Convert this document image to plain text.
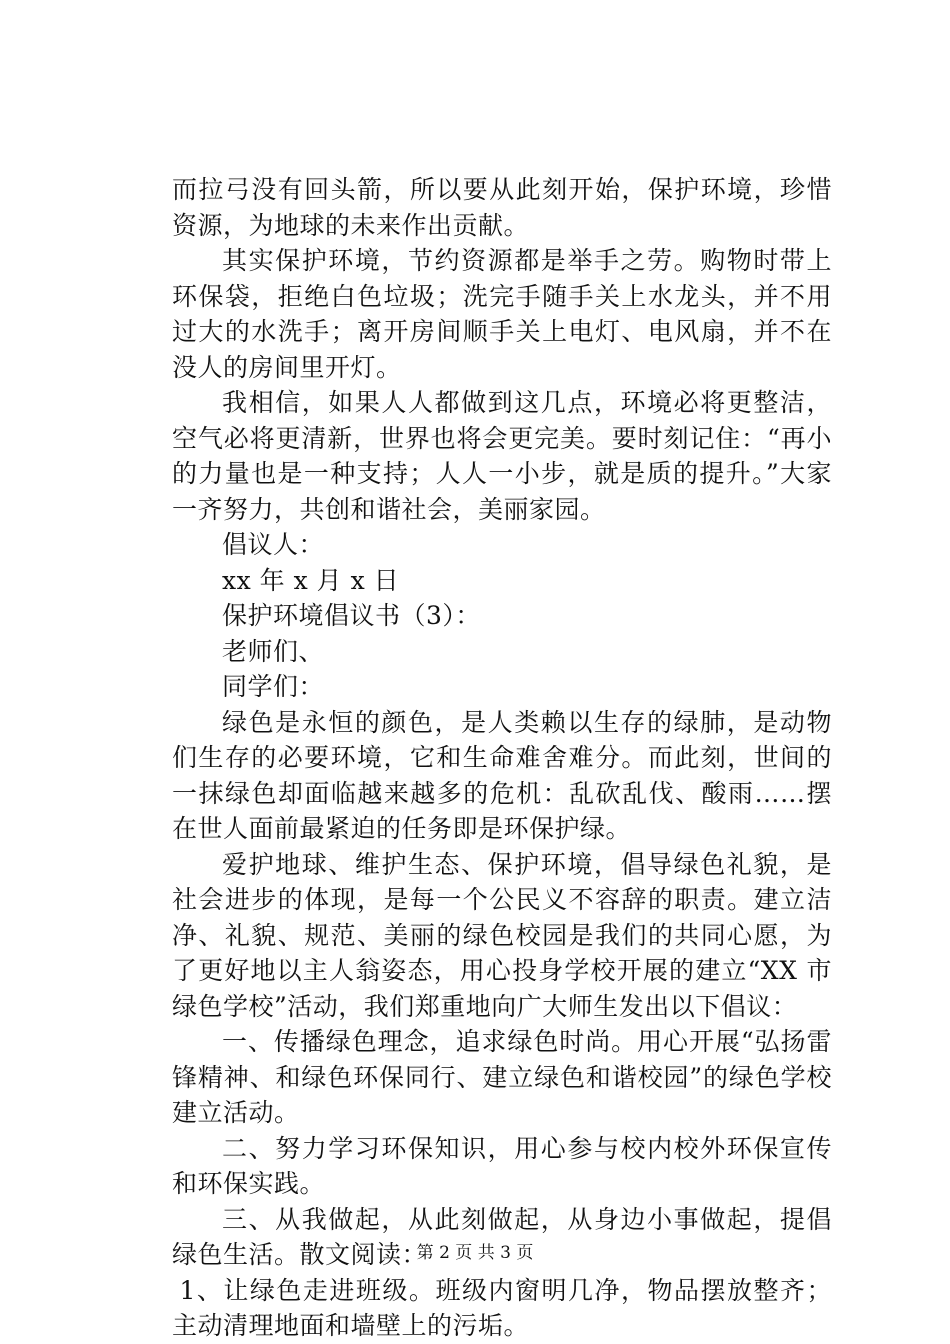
而拉弓没有回头箭，所以要从此刻开始，保护环境，珍惜资源，为地球的未来作出贡献。

其实保护环境，节约资源都是举手之劳。购物时带上环保袋，拒绝白色垃圾；洗完手随手关上水龙头，并不用过大的水洗手；离开房间顺手关上电灯、电风扇，并不在没人的房间里开灯。

我相信，如果人人都做到这几点，环境必将更整洁，空气必将更清新，世界也将会更完美。要时刻记住：“再小的力量也是一种支持；人人一小步，就是质的提升。”大家一齐努力，共创和谐社会，美丽家园。

倡议人：

xx 年 x 月 x 日

保护环境倡议书（3）：

老师们、

同学们：

绿色是永恒的颜色，是人类赖以生存的绿肺，是动物们生存的必要环境，它和生命难舍难分。而此刻，世间的一抹绿色却面临越来越多的危机：乱砍乱伐、酸雨……摆在世人面前最紧迫的任务即是环保护绿。

爱护地球、维护生态、保护环境，倡导绿色礼貌，是社会进步的体现，是每一个公民义不容辞的职责。建立洁净、礼貌、规范、美丽的绿色校园是我们的共同心愿，为了更好地以主人翁姿态，用心投身学校开展的建立“XX 市绿色学校”活动，我们郑重地向广大师生发出以下倡议：

一、传播绿色理念，追求绿色时尚。用心开展“弘扬雷锋精神、和绿色环保同行、建立绿色和谐校园”的绿色学校建立活动。

二、努力学习环保知识，用心参与校内校外环保宣传和环保实践。

三、从我做起，从此刻做起，从身边小事做起，提倡绿色生活。散文阅读：

1、让绿色走进班级。班级内窗明几净，物品摆放整齐；主动清理地面和墙壁上的污垢。

第 2 页 共 3 页
